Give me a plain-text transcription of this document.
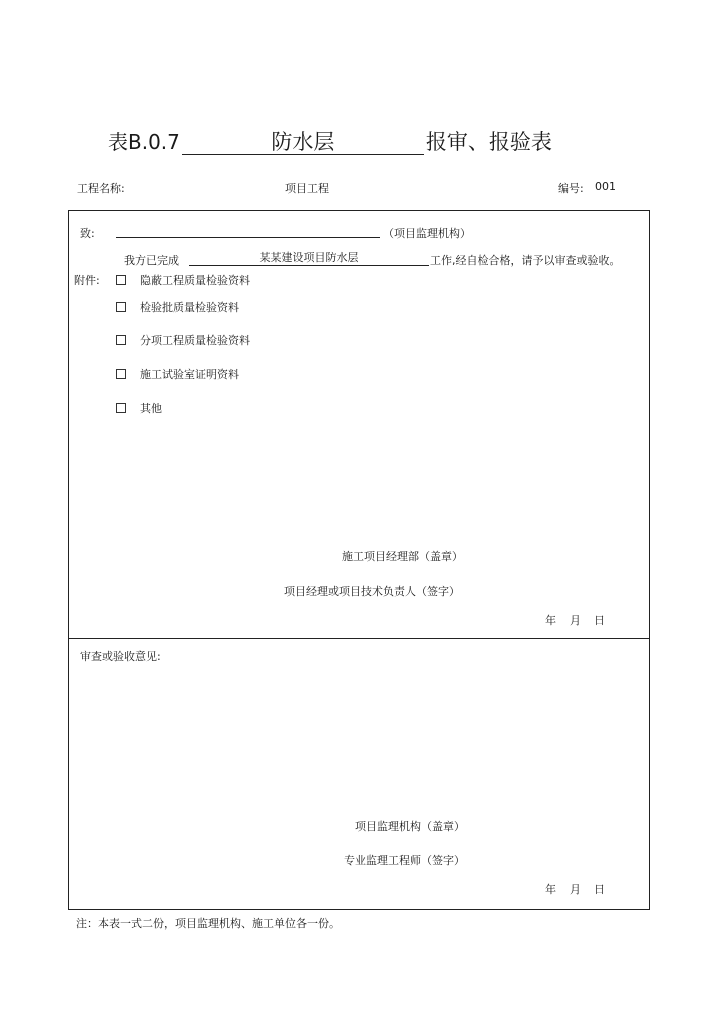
表B.0.7	防水层	报审、报验表
工程名称:	项目工程	编号: 001
致:	（项目监理机构）
我方已完成	某某建设项目防水层	工作,经自检合格，请予以审查或验收。
附件:	隐蔽工程质量检验资料
检验批质量检验资料
分项工程质量检验资料
施工试验室证明资料
其他
施工项目经理部（盖章）
项目经理或项目技术负责人（签字）
年 月 日
审查或验收意见:
项目监理机构（盖章）
专业监理工程师（签字）
年 月 日
注：本表一式二份，项目监理机构、施工单位各一份。
